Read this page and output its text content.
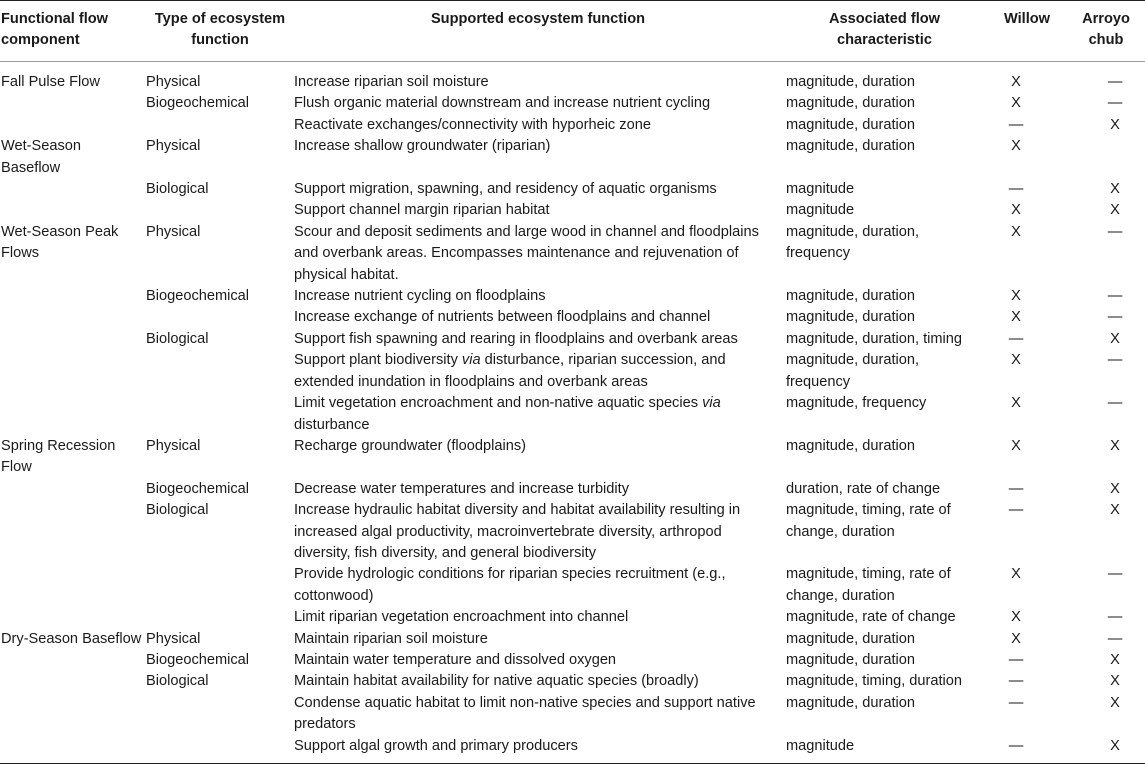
Functional flow component	Type of ecosystem function	Supported ecosystem function	Associated flow characteristic	Willow	Arroyo chub
Fall Pulse Flow	Physical	Increase riparian soil moisture	magnitude, duration	X	—
	Biogeochemical	Flush organic material downstream and increase nutrient cycling	magnitude, duration	X	—
		Reactivate exchanges/connectivity with hyporheic zone	magnitude, duration	—	X
Wet-Season Baseflow	Physical	Increase shallow groundwater (riparian)	magnitude, duration	X	
	Biological	Support migration, spawning, and residency of aquatic organisms	magnitude	—	X
		Support channel margin riparian habitat	magnitude	X	X
Wet-Season Peak Flows	Physical	Scour and deposit sediments and large wood in channel and floodplains and overbank areas. Encompasses maintenance and rejuvenation of physical habitat.	magnitude, duration, frequency	X	—
	Biogeochemical	Increase nutrient cycling on floodplains	magnitude, duration	X	—
		Increase exchange of nutrients between floodplains and channel	magnitude, duration	X	—
	Biological	Support fish spawning and rearing in floodplains and overbank areas	magnitude, duration, timing	—	X
		Support plant biodiversity via disturbance, riparian succession, and extended inundation in floodplains and overbank areas	magnitude, duration, frequency	X	—
		Limit vegetation encroachment and non-native aquatic species via disturbance	magnitude, frequency	X	—
Spring Recession Flow	Physical	Recharge groundwater (floodplains)	magnitude, duration	X	X
	Biogeochemical	Decrease water temperatures and increase turbidity	duration, rate of change	—	X
	Biological	Increase hydraulic habitat diversity and habitat availability resulting in increased algal productivity, macroinvertebrate diversity, arthropod diversity, fish diversity, and general biodiversity	magnitude, timing, rate of change, duration	—	X
		Provide hydrologic conditions for riparian species recruitment (e.g., cottonwood)	magnitude, timing, rate of change, duration	X	—
		Limit riparian vegetation encroachment into channel	magnitude, rate of change	X	—
Dry-Season Baseflow	Physical	Maintain riparian soil moisture	magnitude, duration	X	—
	Biogeochemical	Maintain water temperature and dissolved oxygen	magnitude, duration	—	X
	Biological	Maintain habitat availability for native aquatic species (broadly)	magnitude, timing, duration	—	X
		Condense aquatic habitat to limit non-native species and support native predators	magnitude, duration	—	X
		Support algal growth and primary producers	magnitude	—	X
